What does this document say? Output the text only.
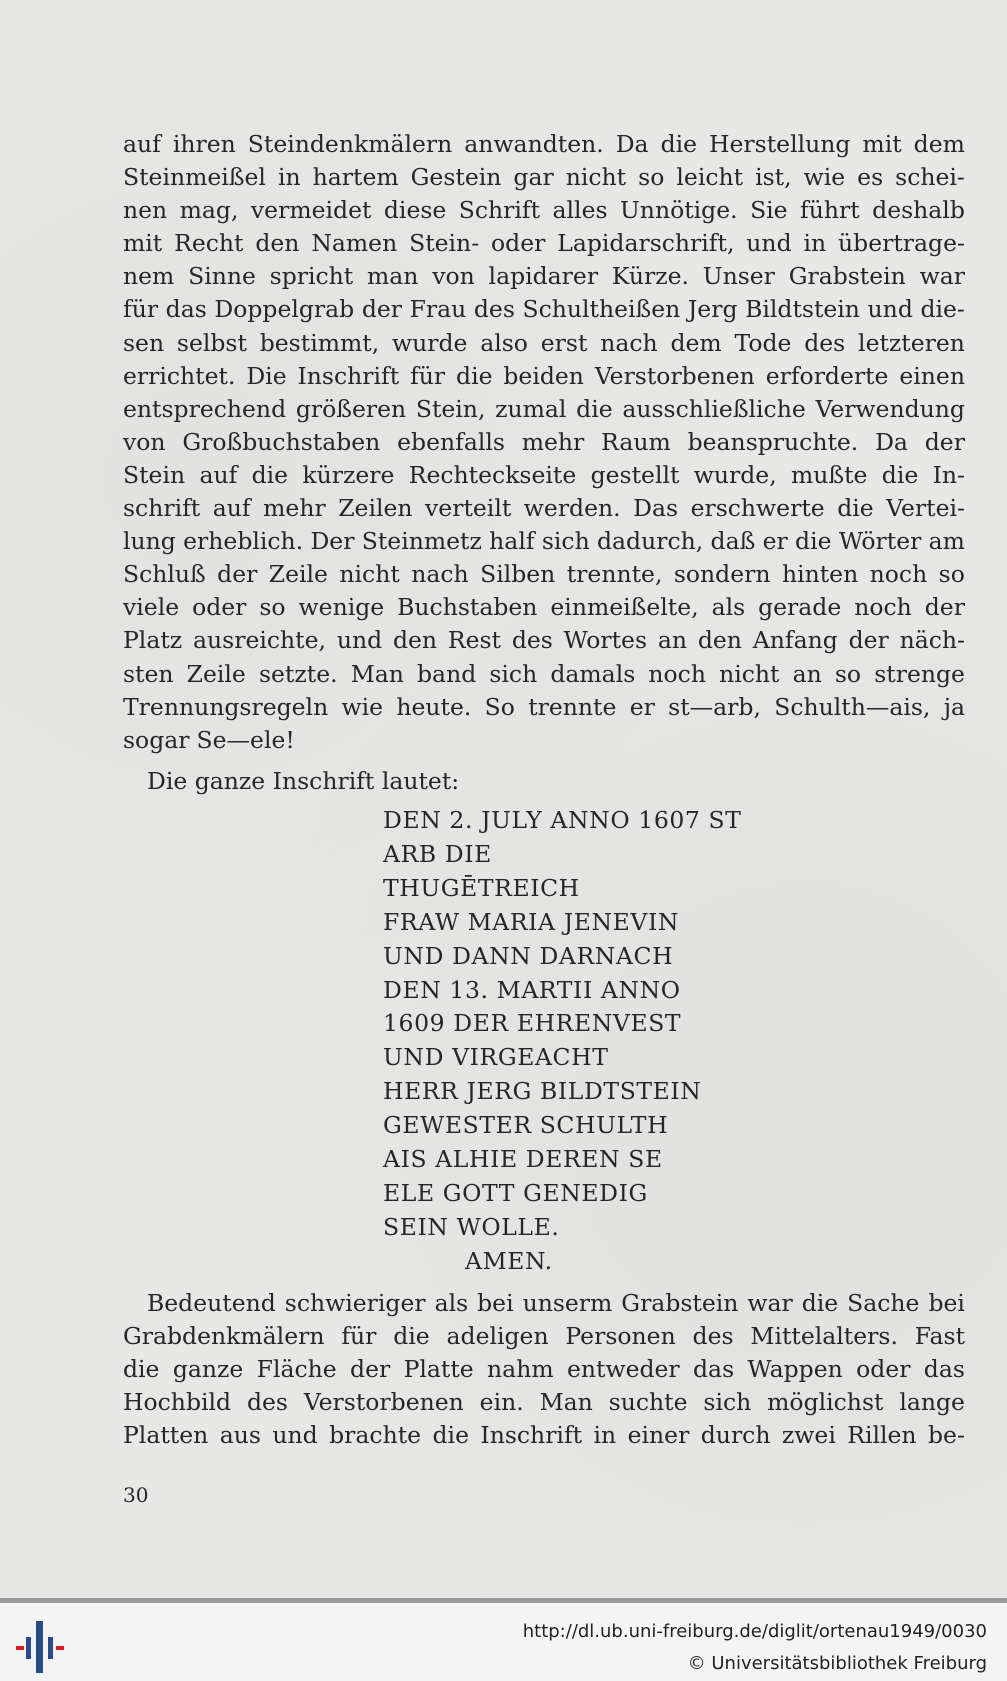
auf ihren Steindenkmälern anwandten. Da die Herstellung mit dem
Steinmeißel in hartem Gestein gar nicht so leicht ist, wie es schei-
nen mag, vermeidet diese Schrift alles Unnötige. Sie führt deshalb
mit Recht den Namen Stein- oder Lapidarschrift, und in übertrage-
nem Sinne spricht man von lapidarer Kürze. Unser Grabstein war
für das Doppelgrab der Frau des Schultheißen Jerg Bildtstein und die-
sen selbst bestimmt, wurde also erst nach dem Tode des letzteren
errichtet. Die Inschrift für die beiden Verstorbenen erforderte einen
entsprechend größeren Stein, zumal die ausschließliche Verwendung
von Großbuchstaben ebenfalls mehr Raum beanspruchte. Da der
Stein auf die kürzere Rechteckseite gestellt wurde, mußte die In-
schrift auf mehr Zeilen verteilt werden. Das erschwerte die Vertei-
lung erheblich. Der Steinmetz half sich dadurch, daß er die Wörter am
Schluß der Zeile nicht nach Silben trennte, sondern hinten noch so
viele oder so wenige Buchstaben einmeißelte, als gerade noch der
Platz ausreichte, und den Rest des Wortes an den Anfang der näch-
sten Zeile setzte. Man band sich damals noch nicht an so strenge
Trennungsregeln wie heute. So trennte er st—arb, Schulth—ais, ja
sogar Se—ele!
Die ganze Inschrift lautet:
DEN 2. JULY ANNO 1607 ST
ARB DIE
THUGĒTREICH
FRAW MARIA JENEVIN
UND DANN DARNACH
DEN 13. MARTII ANNO
1609 DER EHRENVEST
UND VIRGEACHT
HERR JERG BILDTSTEIN
GEWESTER SCHULTH
AIS ALHIE DEREN SE
ELE GOTT GENEDIG
SEIN WOLLE.
AMEN.
Bedeutend schwieriger als bei unserm Grabstein war die Sache bei
Grabdenkmälern für die adeligen Personen des Mittelalters. Fast
die ganze Fläche der Platte nahm entweder das Wappen oder das
Hochbild des Verstorbenen ein. Man suchte sich möglichst lange
Platten aus und brachte die Inschrift in einer durch zwei Rillen be-
30
http://dl.ub.uni-freiburg.de/diglit/ortenau1949/0030
© Universitätsbibliothek Freiburg
